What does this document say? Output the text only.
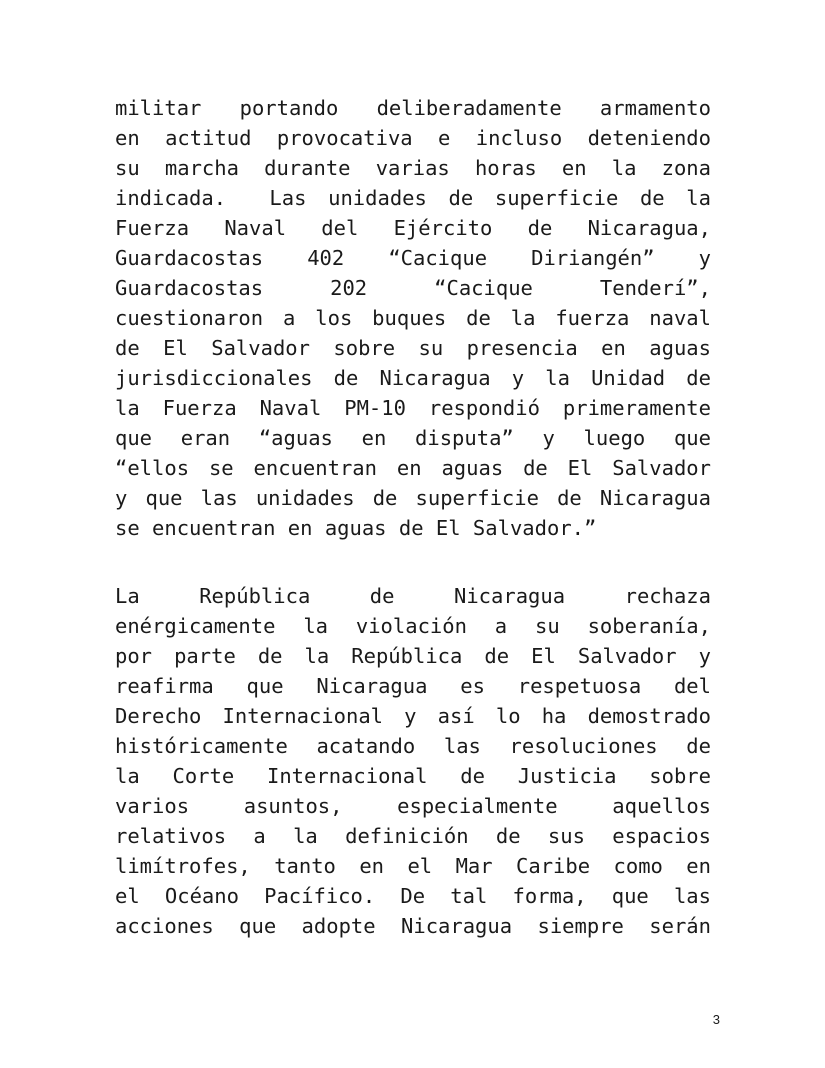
militar portando deliberadamente armamento
en actitud provocativa e incluso deteniendo
su marcha durante varias horas en la zona
indicada.  Las unidades de superficie de la
Fuerza Naval del Ejército de Nicaragua,
Guardacostas 402 “Cacique Diriangén” y
Guardacostas 202 “Cacique Tenderí”,
cuestionaron a los buques de la fuerza naval
de El Salvador sobre su presencia en aguas
jurisdiccionales de Nicaragua y la Unidad de
la Fuerza Naval PM-10 respondió primeramente
que eran “aguas en disputa” y luego que
“ellos se encuentran en aguas de El Salvador
y que las unidades de superficie de Nicaragua
se encuentran en aguas de El Salvador.”
La República de Nicaragua rechaza
enérgicamente la violación a su soberanía,
por parte de la República de El Salvador y
reafirma que Nicaragua es respetuosa del
Derecho Internacional y así lo ha demostrado
históricamente acatando las resoluciones de
la Corte Internacional de Justicia sobre
varios asuntos, especialmente aquellos
relativos a la definición de sus espacios
limítrofes, tanto en el Mar Caribe como en
el Océano Pacífico. De tal forma, que las
acciones que adopte Nicaragua siempre serán
3
